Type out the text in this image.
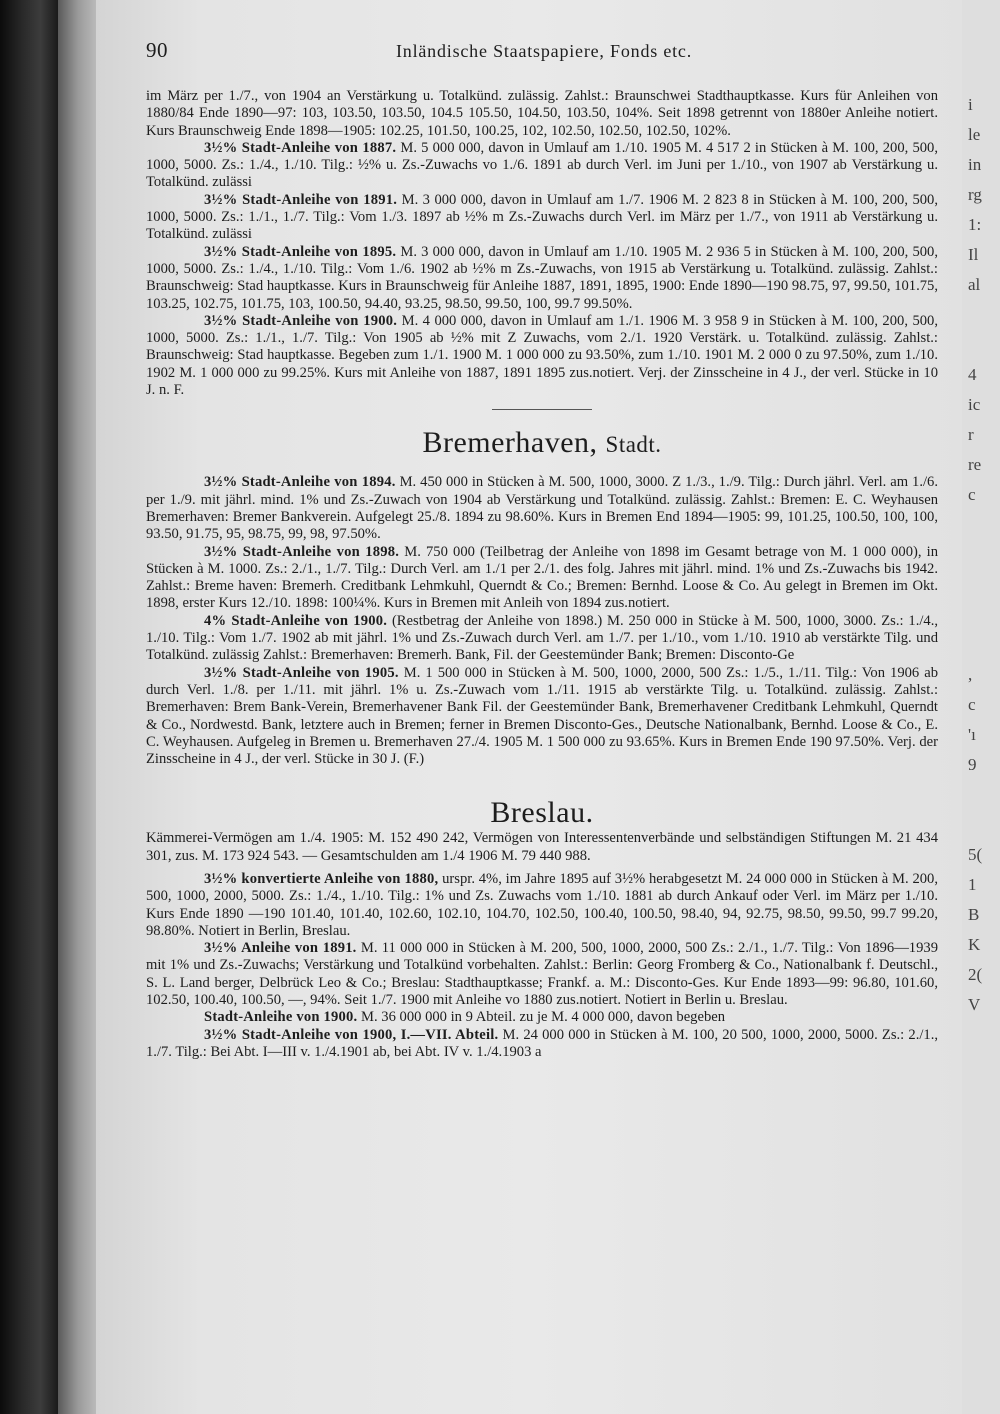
i
le
in
rg
1:
Il
al

4
ic
r
re
c

,
c
'ı
9

5(
1
B
K
2(
V
90	Inländische Staatspapiere, Fonds etc.

im März per 1./7., von 1904 an Verstärkung u. Totalkünd. zulässig. Zahlst.: Braunschwei Stadthauptkasse. Kurs für Anleihen von 1880/84 Ende 1890—97: 103, 103.50, 103.50, 104.5 105.50, 104.50, 103.50, 104%. Seit 1898 getrennt von 1880er Anleihe notiert. Kurs Braunschweig Ende 1898—1905: 102.25, 101.50, 100.25, 102, 102.50, 102.50, 102.50, 102%.

3½% Stadt-Anleihe von 1887. M. 5 000 000, davon in Umlauf am 1./10. 1905 M. 4 517 2 in Stücken à M. 100, 200, 500, 1000, 5000. Zs.: 1./4., 1./10. Tilg.: ½% u. Zs.-Zuwachs vo 1./6. 1891 ab durch Verl. im Juni per 1./10., von 1907 ab Verstärkung u. Totalkünd. zulässi

3½% Stadt-Anleihe von 1891. M. 3 000 000, davon in Umlauf am 1./7. 1906 M. 2 823 8 in Stücken à M. 100, 200, 500, 1000, 5000. Zs.: 1./1., 1./7. Tilg.: Vom 1./3. 1897 ab ½% m Zs.-Zuwachs durch Verl. im März per 1./7., von 1911 ab Verstärkung u. Totalkünd. zulässi

3½% Stadt-Anleihe von 1895. M. 3 000 000, davon in Umlauf am 1./10. 1905 M. 2 936 5 in Stücken à M. 100, 200, 500, 1000, 5000. Zs.: 1./4., 1./10. Tilg.: Vom 1./6. 1902 ab ½% m Zs.-Zuwachs, von 1915 ab Verstärkung u. Totalkünd. zulässig. Zahlst.: Braunschweig: Stad hauptkasse. Kurs in Braunschweig für Anleihe 1887, 1891, 1895, 1900: Ende 1890—190 98.75, 97, 99.50, 101.75, 103.25, 102.75, 101.75, 103, 100.50, 94.40, 93.25, 98.50, 99.50, 100, 99.7 99.50%.

3½% Stadt-Anleihe von 1900. M. 4 000 000, davon in Umlauf am 1./1. 1906 M. 3 958 9 in Stücken à M. 100, 200, 500, 1000, 5000. Zs.: 1./1., 1./7. Tilg.: Von 1905 ab ½% mit Z Zuwachs, vom 2./1. 1920 Verstärk. u. Totalkünd. zulässig. Zahlst.: Braunschweig: Stad hauptkasse. Begeben zum 1./1. 1900 M. 1 000 000 zu 93.50%, zum 1./10. 1901 M. 2 000 0 zu 97.50%, zum 1./10. 1902 M. 1 000 000 zu 99.25%. Kurs mit Anleihe von 1887, 1891 1895 zus.notiert. Verj. der Zinsscheine in 4 J., der verl. Stücke in 10 J. n. F.

Bremerhaven, Stadt.

3½% Stadt-Anleihe von 1894. M. 450 000 in Stücken à M. 500, 1000, 3000. Z 1./3., 1./9. Tilg.: Durch jährl. Verl. am 1./6. per 1./9. mit jährl. mind. 1% und Zs.-Zuwach von 1904 ab Verstärkung und Totalkünd. zulässig. Zahlst.: Bremen: E. C. Weyhausen Bremerhaven: Bremer Bankverein. Aufgelegt 25./8. 1894 zu 98.60%. Kurs in Bremen End 1894—1905: 99, 101.25, 100.50, 100, 100, 93.50, 91.75, 95, 98.75, 99, 98, 97.50%.

3½% Stadt-Anleihe von 1898. M. 750 000 (Teilbetrag der Anleihe von 1898 im Gesamt betrage von M. 1 000 000), in Stücken à M. 1000. Zs.: 2./1., 1./7. Tilg.: Durch Verl. am 1./1 per 2./1. des folg. Jahres mit jährl. mind. 1% und Zs.-Zuwachs bis 1942. Zahlst.: Breme haven: Bremerh. Creditbank Lehmkuhl, Querndt & Co.; Bremen: Bernhd. Loose & Co. Au gelegt in Bremen im Okt. 1898, erster Kurs 12./10. 1898: 100¼%. Kurs in Bremen mit Anleih von 1894 zus.notiert.

4% Stadt-Anleihe von 1900. (Restbetrag der Anleihe von 1898.) M. 250 000 in Stücke à M. 500, 1000, 3000. Zs.: 1./4., 1./10. Tilg.: Vom 1./7. 1902 ab mit jährl. 1% und Zs.-Zuwach durch Verl. am 1./7. per 1./10., vom 1./10. 1910 ab verstärkte Tilg. und Totalkünd. zulässig Zahlst.: Bremerhaven: Bremerh. Bank, Fil. der Geestemünder Bank; Bremen: Disconto-Ge

3½% Stadt-Anleihe von 1905. M. 1 500 000 in Stücken à M. 500, 1000, 2000, 500 Zs.: 1./5., 1./11. Tilg.: Von 1906 ab durch Verl. 1./8. per 1./11. mit jährl. 1% u. Zs.-Zuwach vom 1./11. 1915 ab verstärkte Tilg. u. Totalkünd. zulässig. Zahlst.: Bremerhaven: Brem Bank-Verein, Bremerhavener Bank Fil. der Geestemünder Bank, Bremerhavener Creditbank Lehmkuhl, Querndt & Co., Nordwestd. Bank, letztere auch in Bremen; ferner in Bremen Disconto-Ges., Deutsche Nationalbank, Bernhd. Loose & Co., E. C. Weyhausen. Aufgeleg in Bremen u. Bremerhaven 27./4. 1905 M. 1 500 000 zu 93.65%. Kurs in Bremen Ende 190 97.50%. Verj. der Zinsscheine in 4 J., der verl. Stücke in 30 J. (F.)

Breslau.

Kämmerei-Vermögen am 1./4. 1905: M. 152 490 242, Vermögen von Interessentenverbände und selbständigen Stiftungen M. 21 434 301, zus. M. 173 924 543. — Gesamtschulden am 1./4 1906 M. 79 440 988.

3½% konvertierte Anleihe von 1880, urspr. 4%, im Jahre 1895 auf 3½% herabgesetzt M. 24 000 000 in Stücken à M. 200, 500, 1000, 2000, 5000. Zs.: 1./4., 1./10. Tilg.: 1% und Zs. Zuwachs vom 1./10. 1881 ab durch Ankauf oder Verl. im März per 1./10. Kurs Ende 1890 —190 101.40, 101.40, 102.60, 102.10, 104.70, 102.50, 100.40, 100.50, 98.40, 94, 92.75, 98.50, 99.50, 99.7 99.20, 98.80%. Notiert in Berlin, Breslau.

3½% Anleihe von 1891. M. 11 000 000 in Stücken à M. 200, 500, 1000, 2000, 500 Zs.: 2./1., 1./7. Tilg.: Von 1896—1939 mit 1% und Zs.-Zuwachs; Verstärkung und Totalkünd vorbehalten. Zahlst.: Berlin: Georg Fromberg & Co., Nationalbank f. Deutschl., S. L. Land berger, Delbrück Leo & Co.; Breslau: Stadthauptkasse; Frankf. a. M.: Disconto-Ges. Kur Ende 1893—99: 96.80, 101.60, 102.50, 100.40, 100.50, —, 94%. Seit 1./7. 1900 mit Anleihe vo 1880 zus.notiert. Notiert in Berlin u. Breslau.

Stadt-Anleihe von 1900. M. 36 000 000 in 9 Abteil. zu je M. 4 000 000, davon begeben

3½% Stadt-Anleihe von 1900, I.—VII. Abteil. M. 24 000 000 in Stücken à M. 100, 20 500, 1000, 2000, 5000. Zs.: 2./1., 1./7. Tilg.: Bei Abt. I—III v. 1./4.1901 ab, bei Abt. IV v. 1./4.1903 a
